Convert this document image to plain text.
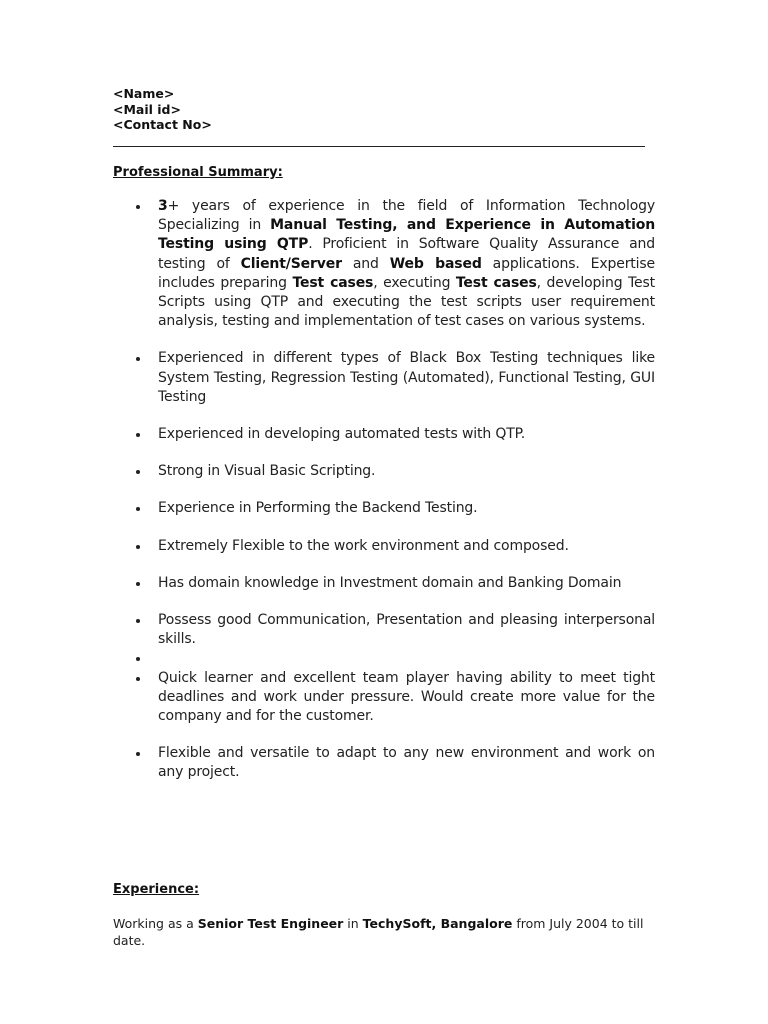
<Name>
<Mail id>
<Contact No>
Professional Summary:
3+ years of experience in the field of Information Technology Specializing in Manual Testing, and Experience in Automation Testing using QTP. Proficient in Software Quality Assurance and testing of Client/Server and Web based applications. Expertise includes preparing Test cases, executing Test cases, developing Test Scripts using QTP and executing the test scripts user requirement analysis, testing and implementation of test cases on various systems.
Experienced in different types of Black Box Testing techniques like System Testing, Regression Testing (Automated), Functional Testing, GUI Testing
Experienced in developing automated tests with QTP.
Strong in Visual Basic Scripting.
Experience in Performing the Backend Testing.
Extremely Flexible to the work environment and composed.
Has domain knowledge in Investment domain and Banking Domain
Possess good Communication, Presentation and pleasing interpersonal skills.
Quick learner and excellent team player having ability to meet tight deadlines and work under pressure. Would create more value for the company and for the customer.
Flexible and versatile to adapt to any new environment and work on any project.
Experience:
Working as a Senior Test Engineer in TechySoft, Bangalore from July 2004 to till date.
